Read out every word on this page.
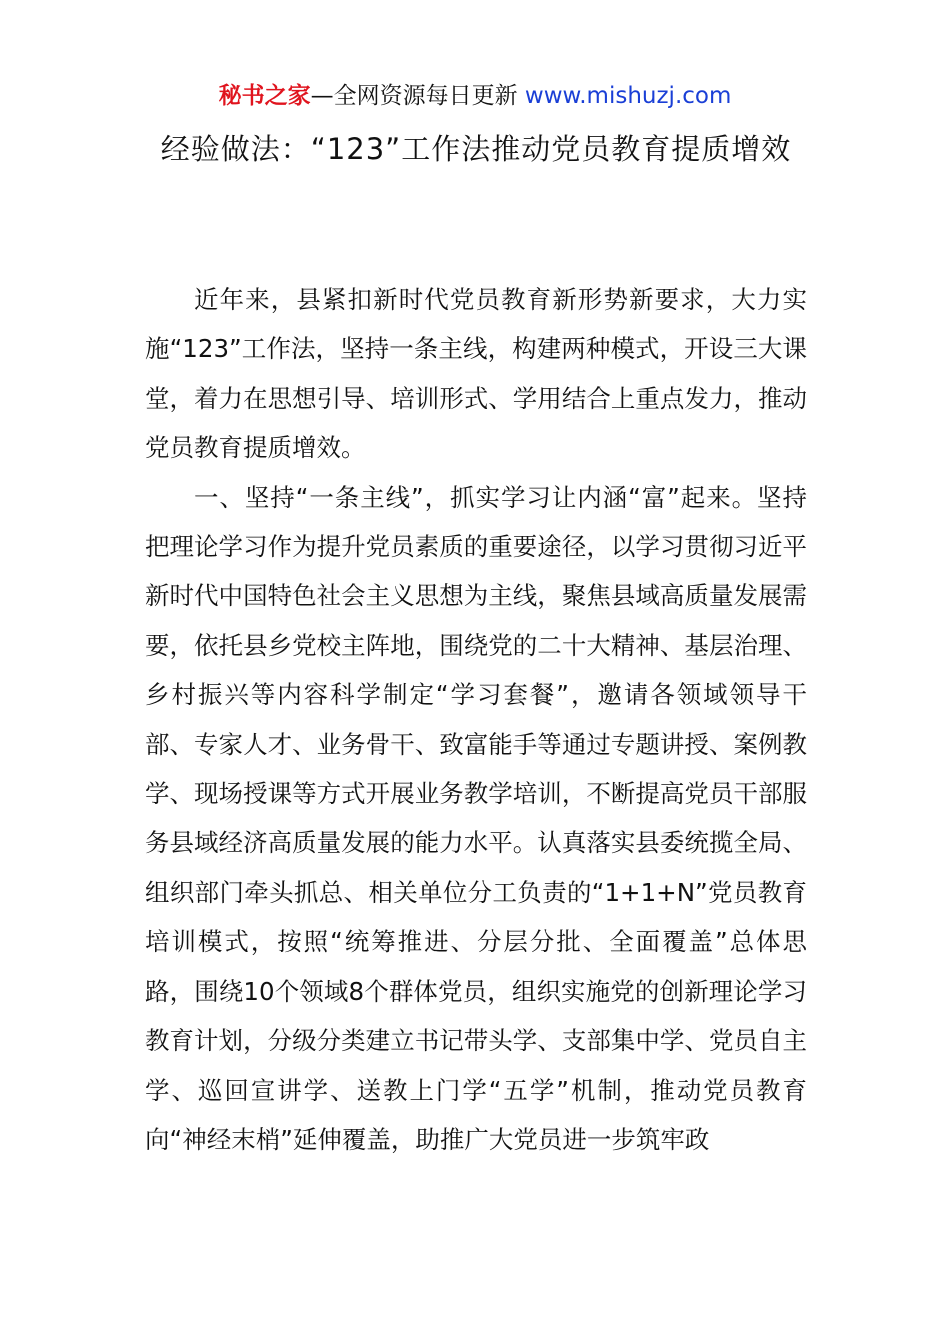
秘书之家—全网资源每日更新 www.mishuzj.com
经验做法：“123”工作法推动党员教育提质增效

近年来，县紧扣新时代党员教育新形势新要求，大力实施“123”工作法，坚持一条主线，构建两种模式，开设三大课堂，着力在思想引导、培训形式、学用结合上重点发力，推动党员教育提质增效。

一、坚持“一条主线”，抓实学习让内涵“富”起来。坚持把理论学习作为提升党员素质的重要途径，以学习贯彻习近平新时代中国特色社会主义思想为主线，聚焦县域高质量发展需要，依托县乡党校主阵地，围绕党的二十大精神、基层治理、乡村振兴等内容科学制定“学习套餐”，邀请各领域领导干部、专家人才、业务骨干、致富能手等通过专题讲授、案例教学、现场授课等方式开展业务教学培训，不断提高党员干部服务县域经济高质量发展的能力水平。认真落实县委统揽全局、组织部门牵头抓总、相关单位分工负责的“1+1+N”党员教育培训模式，按照“统筹推进、分层分批、全面覆盖”总体思路，围绕10个领域8个群体党员，组织实施党的创新理论学习教育计划，分级分类建立书记带头学、支部集中学、党员自主学、巡回宣讲学、送教上门学“五学”机制，推动党员教育向“神经末梢”延伸覆盖，助推广大党员进一步筑牢政
